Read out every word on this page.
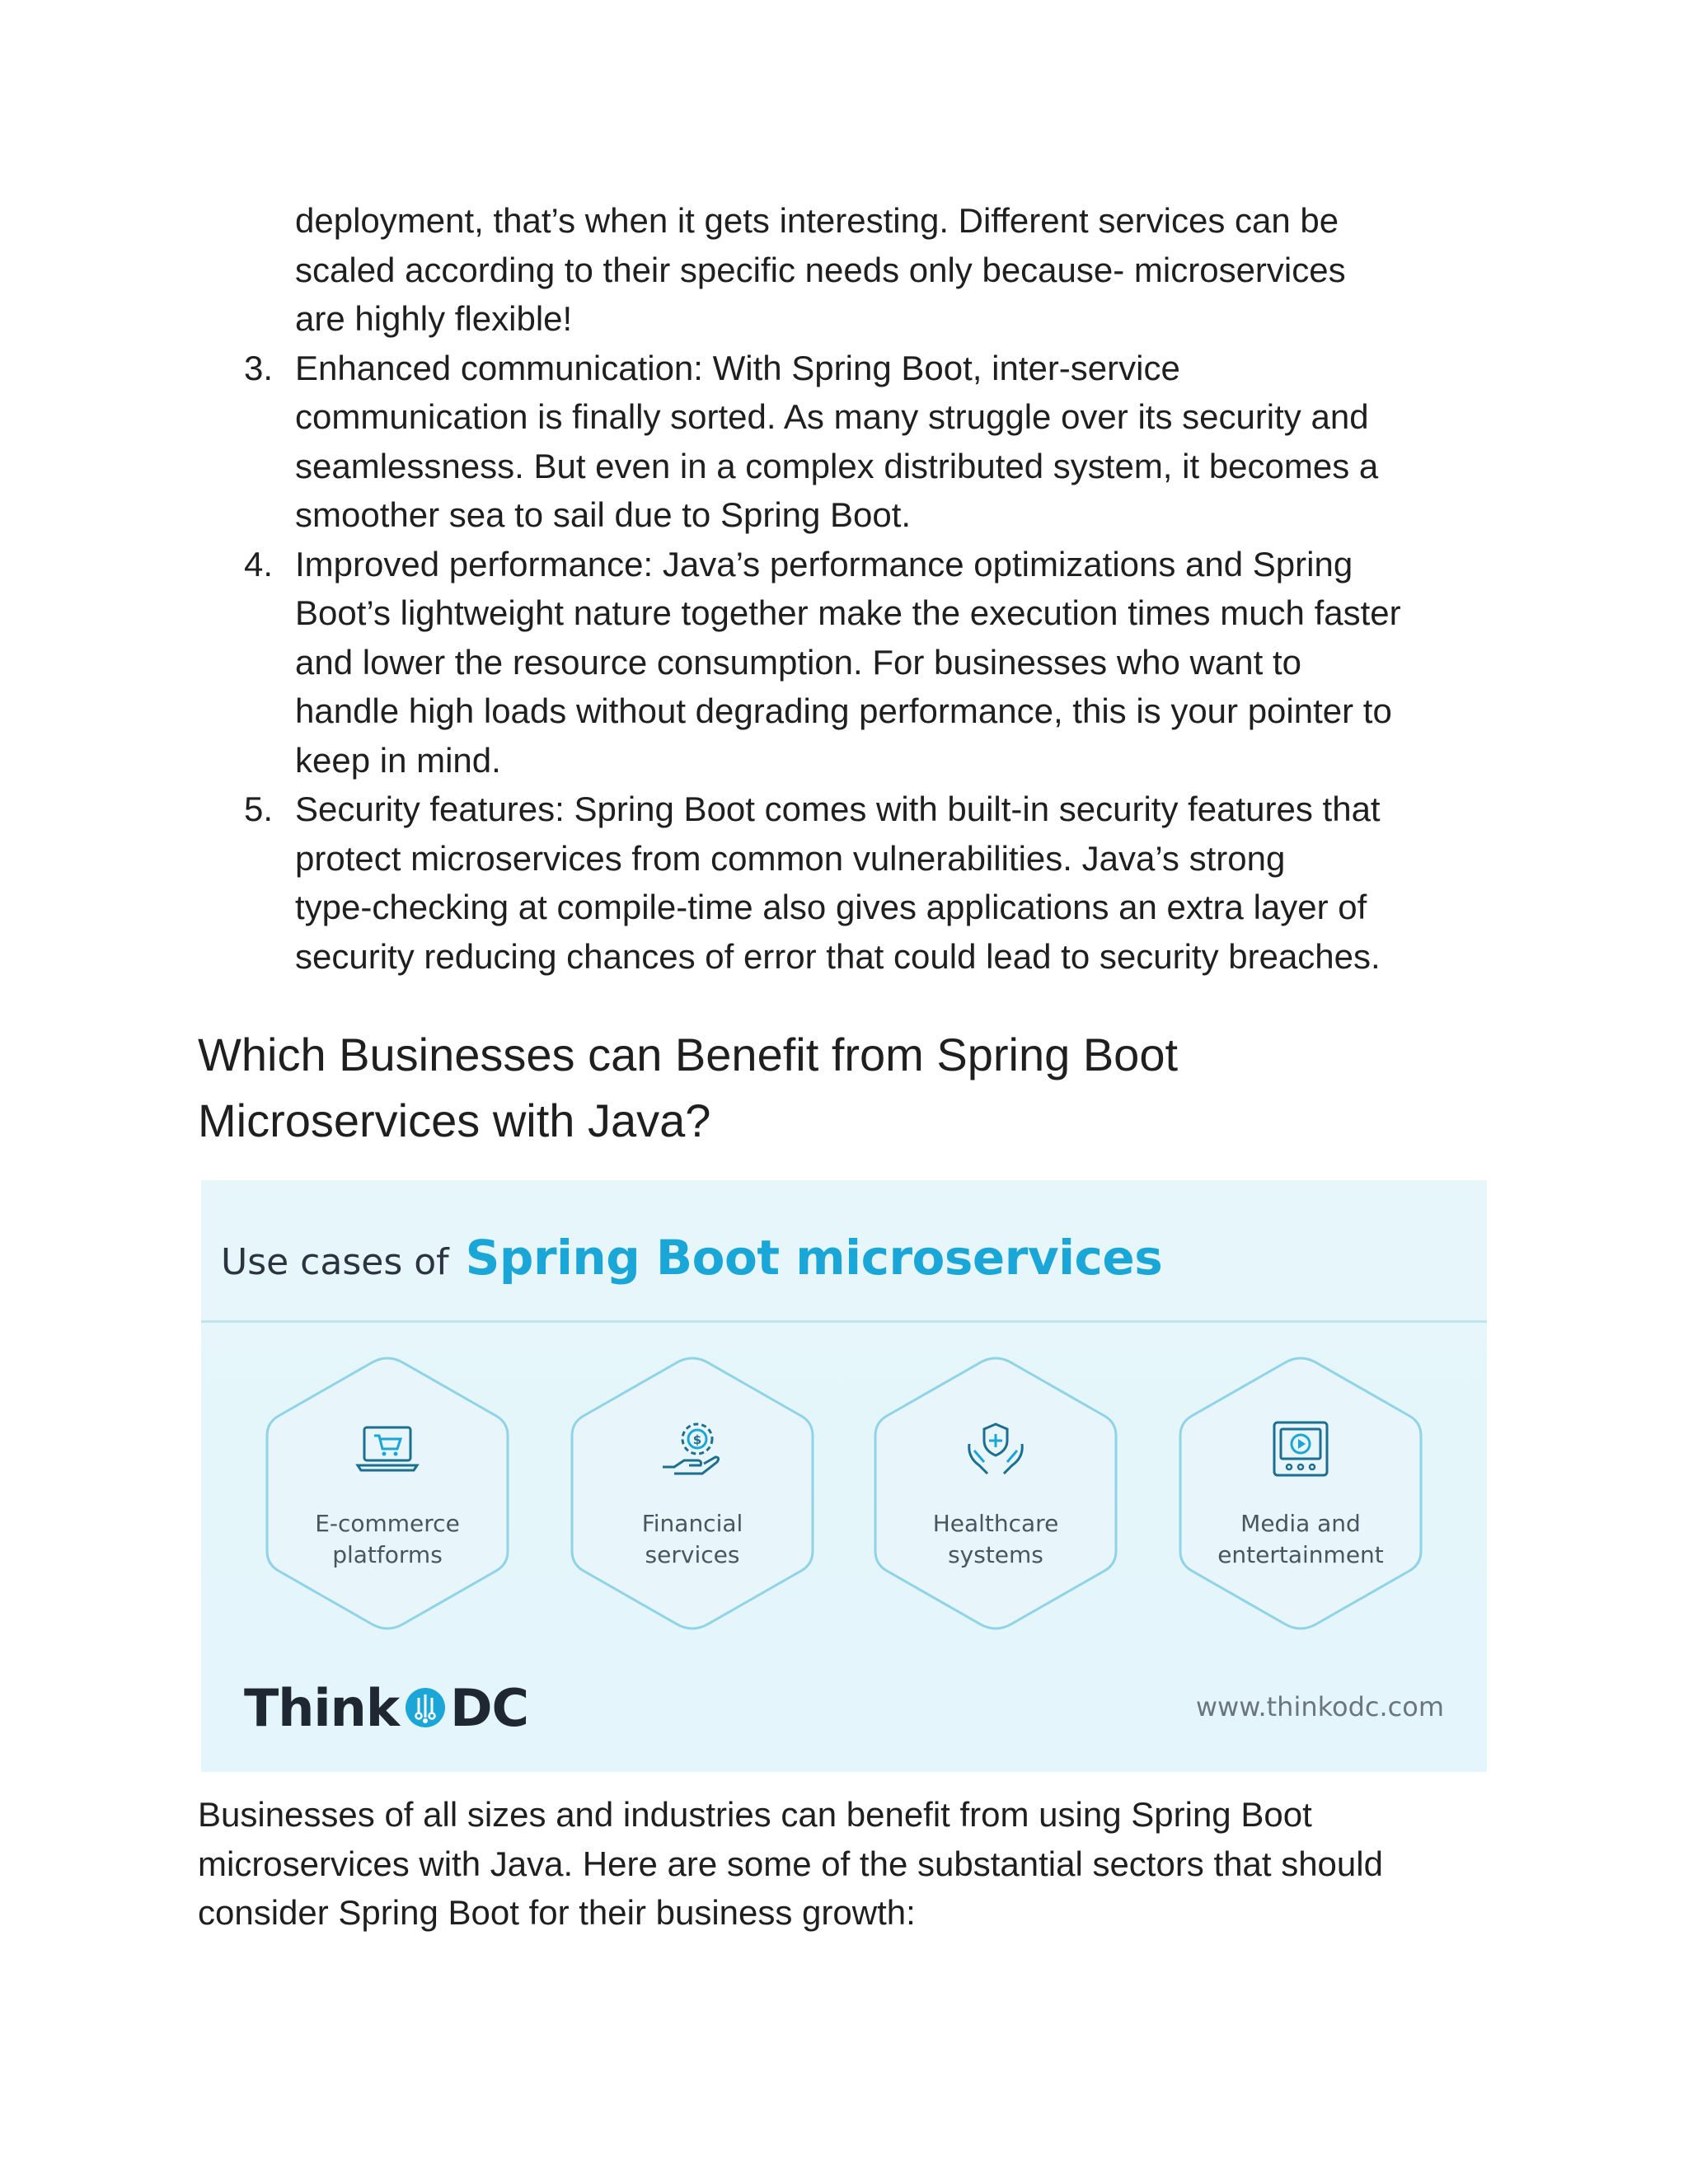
deployment, that’s when it gets interesting. Different services can be
scaled according to their specific needs only because- microservices
are highly flexible!

3. Enhanced communication: With Spring Boot, inter-service
communication is finally sorted. As many struggle over its security and
seamlessness. But even in a complex distributed system, it becomes a
smoother sea to sail due to Spring Boot.
4. Improved performance: Java’s performance optimizations and Spring
Boot’s lightweight nature together make the execution times much faster
and lower the resource consumption. For businesses who want to
handle high loads without degrading performance, this is your pointer to
keep in mind.
5. Security features: Spring Boot comes with built-in security features that
protect microservices from common vulnerabilities. Java’s strong
type-checking at compile-time also gives applications an extra layer of
security reducing chances of error that could lead to security breaches.
Which Businesses can Benefit from Spring Boot
Microservices with Java?
Use cases of Spring Boot microservices
E-commerce
platforms
$
Financial
services
Healthcare
systems
Media and
entertainment
Think DC	www.thinkodc.com

Businesses of all sizes and industries can benefit from using Spring Boot
microservices with Java. Here are some of the substantial sectors that should
consider Spring Boot for their business growth:
